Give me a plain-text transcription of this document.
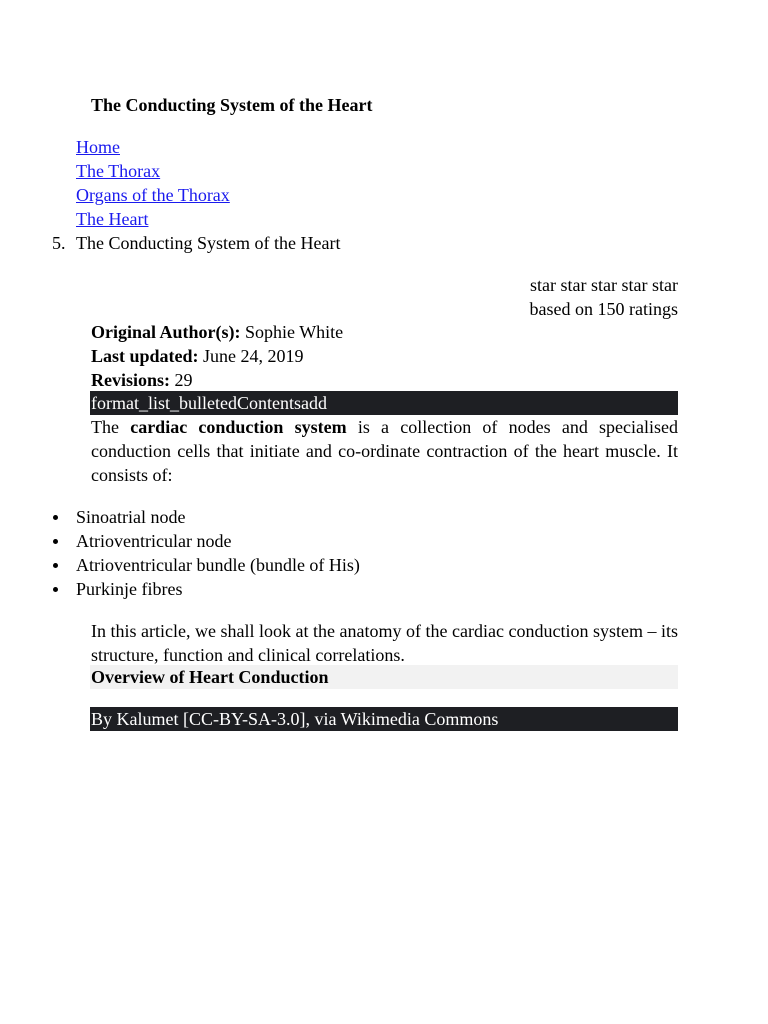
The Conducting System of the Heart
Home
The Thorax
Organs of the Thorax
The Heart
5. The Conducting System of the Heart
star star star star star
based on 150 ratings
Original Author(s): Sophie White
Last updated: June 24, 2019
Revisions: 29
format_list_bulletedContentsadd

The cardiac conduction system is a collection of nodes and specialised conduction cells that initiate and co-ordinate contraction of the heart muscle. It consists of:

Sinoatrial node
Atrioventricular node
Atrioventricular bundle (bundle of His)
Purkinje fibres

In this article, we shall look at the anatomy of the cardiac conduction system – its structure, function and clinical correlations.

Overview of Heart Conduction
By Kalumet [CC-BY-SA-3.0], via Wikimedia Commons
